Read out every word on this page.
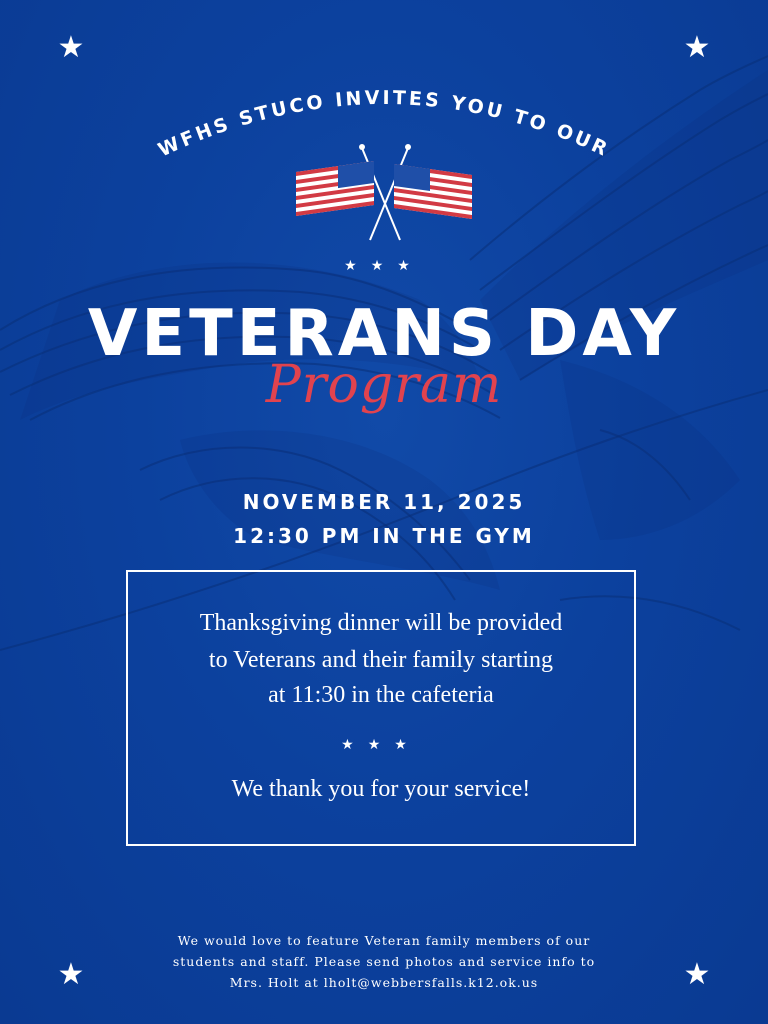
★	★
★	★
WFHS STUCO INVITES YOU TO OUR
★★★
VETERANS DAY
Program
NOVEMBER 11, 2025
12:30 PM IN THE GYM
Thanksgiving dinner will be provided
to Veterans and their family starting
at 11:30 in the cafeteria
★★★
We thank you for your service!
We would love to feature Veteran family members of our
students and staff. Please send photos and service info to
Mrs. Holt at lholt@webbersfalls.k12.ok.us
